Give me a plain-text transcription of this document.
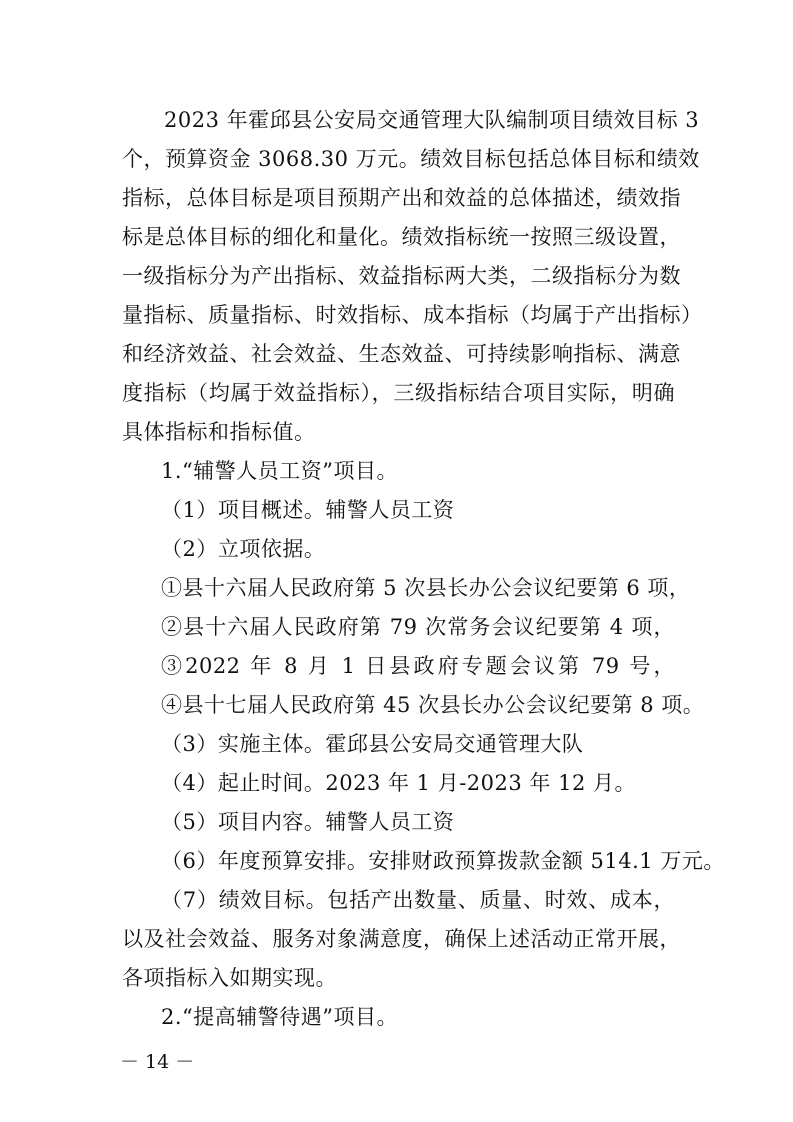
2023 年霍邱县公安局交通管理大队编制项目绩效目标 3
个，预算资金 3068.30 万元。绩效目标包括总体目标和绩效
指标，总体目标是项目预期产出和效益的总体描述，绩效指
标是总体目标的细化和量化。绩效指标统一按照三级设置，
一级指标分为产出指标、效益指标两大类，二级指标分为数
量指标、质量指标、时效指标、成本指标（均属于产出指标）
和经济效益、社会效益、生态效益、可持续影响指标、满意
度指标（均属于效益指标），三级指标结合项目实际，明确
具体指标和指标值。
1.“辅警人员工资”项目。
（1）项目概述。辅警人员工资
（2）立项依据。
①县十六届人民政府第 5 次县长办公会议纪要第 6 项，
②县十六届人民政府第 79 次常务会议纪要第 4 项，
③2022 年 8 月 1 日县政府专题会议第 79 号，
④县十七届人民政府第 45 次县长办公会议纪要第 8 项。
（3）实施主体。霍邱县公安局交通管理大队
（4）起止时间。2023 年 1 月-2023 年 12 月。
（5）项目内容。辅警人员工资
（6）年度预算安排。安排财政预算拨款金额 514.1 万元。
（7）绩效目标。包括产出数量、质量、时效、成本，
以及社会效益、服务对象满意度，确保上述活动正常开展，
各项指标入如期实现。
2.“提高辅警待遇”项目。
－ 14 －
